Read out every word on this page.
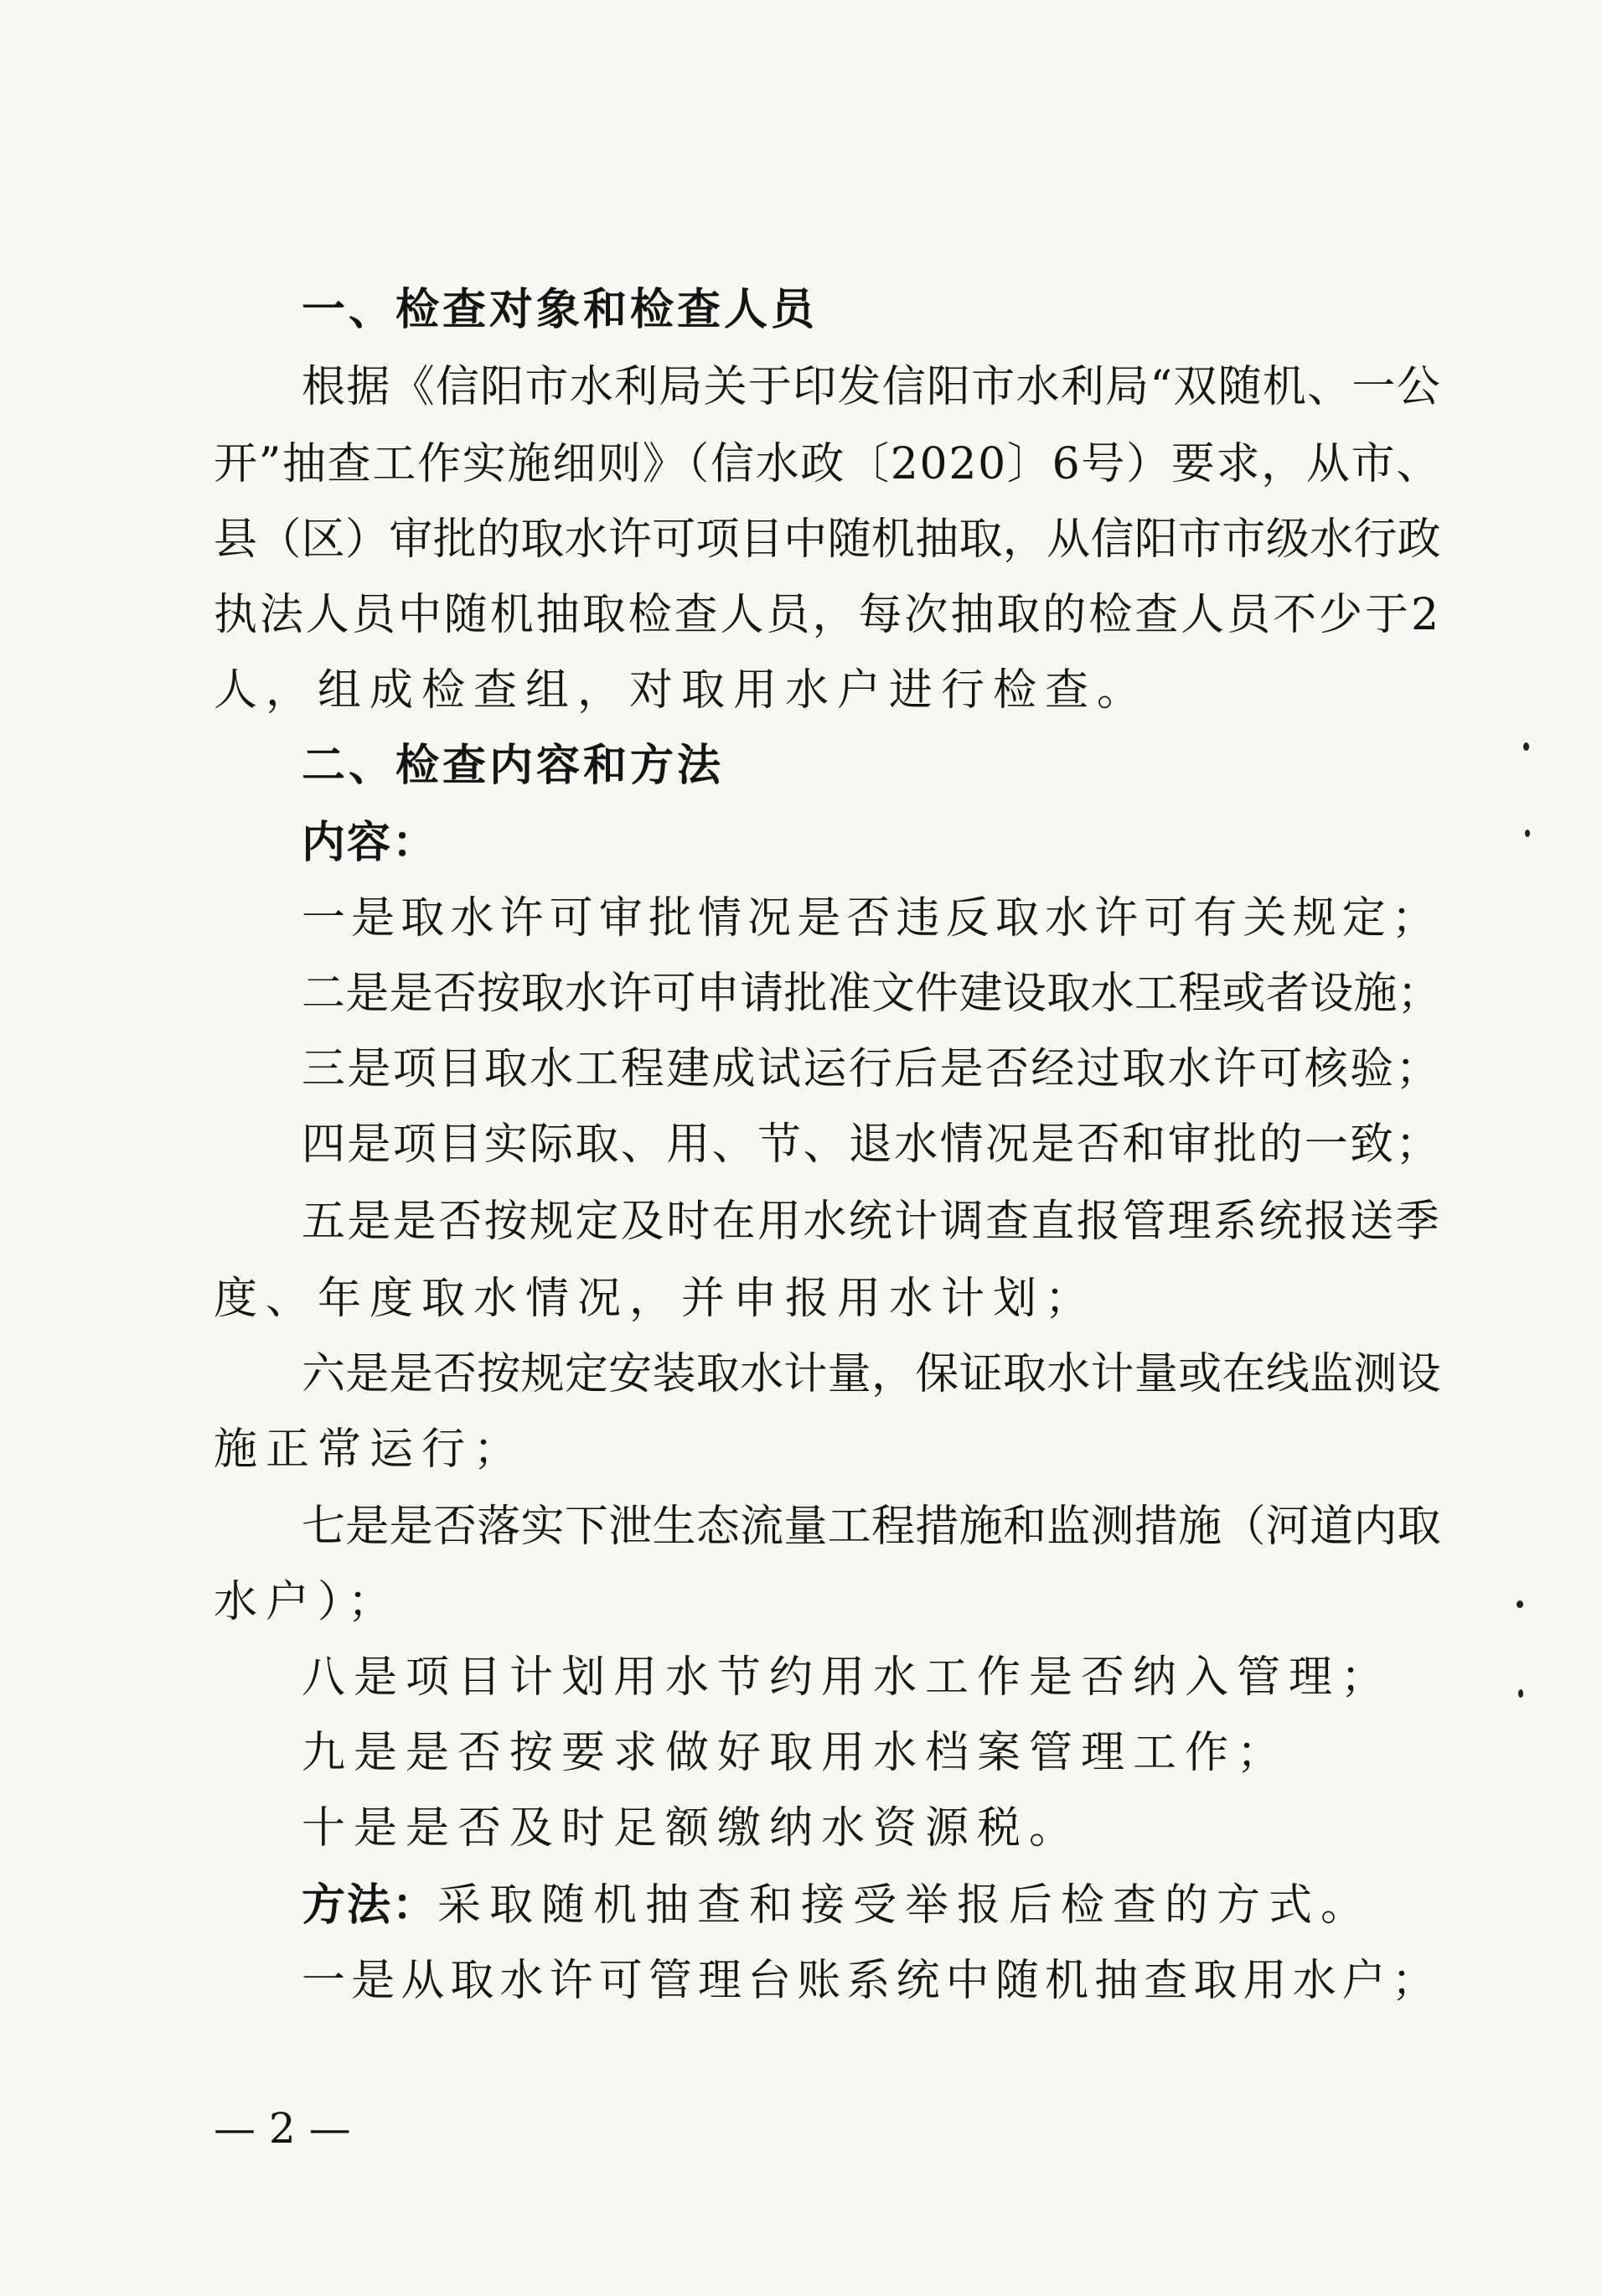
一、检查对象和检查人员
根据《信阳市水利局关于印发信阳市水利局“双随机、一公
开”抽查工作实施细则》（信水政〔2020〕6号）要求，从市、
县（区）审批的取水许可项目中随机抽取，从信阳市市级水行政
执法人员中随机抽取检查人员，每次抽取的检查人员不少于2
人，组成检查组，对取用水户进行检查。
二、检查内容和方法
内容：
一是取水许可审批情况是否违反取水许可有关规定；
二是是否按取水许可申请批准文件建设取水工程或者设施；
三是项目取水工程建成试运行后是否经过取水许可核验；
四是项目实际取、用、节、退水情况是否和审批的一致；
五是是否按规定及时在用水统计调查直报管理系统报送季
度、年度取水情况，并申报用水计划；
六是是否按规定安装取水计量，保证取水计量或在线监测设
施正常运行；
七是是否落实下泄生态流量工程措施和监测措施（河道内取
水户）；
八是项目计划用水节约用水工作是否纳入管理；
九是是否按要求做好取用水档案管理工作；
十是是否及时足额缴纳水资源税。
方法：采取随机抽查和接受举报后检查的方式。
一是从取水许可管理台账系统中随机抽查取用水户；
— 2 —
